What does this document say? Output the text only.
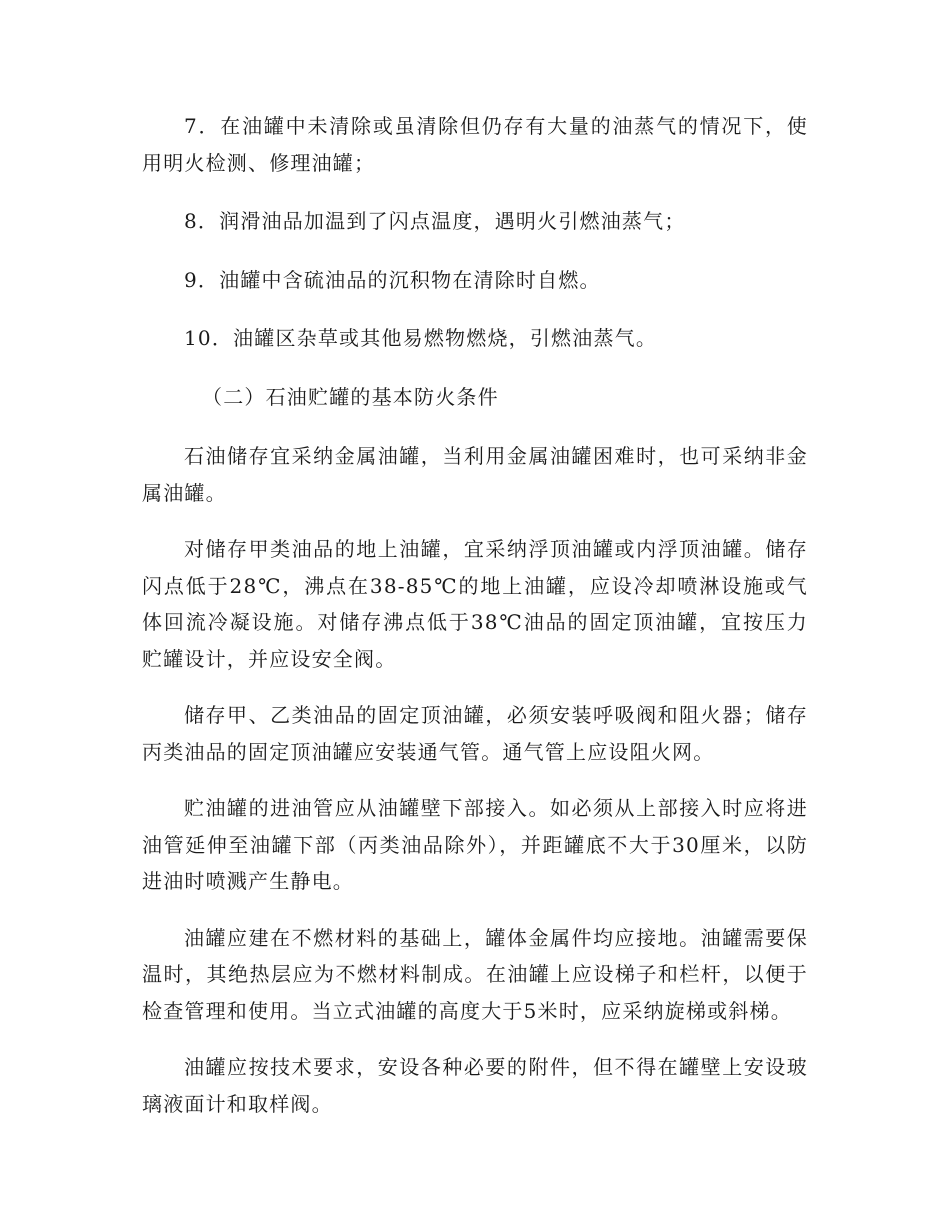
7．在油罐中未清除或虽清除但仍存有大量的油蒸气的情况下，使用明火检测、修理油罐；

8．润滑油品加温到了闪点温度，遇明火引燃油蒸气；

9．油罐中含硫油品的沉积物在清除时自燃。

10．油罐区杂草或其他易燃物燃烧，引燃油蒸气。

（二）石油贮罐的基本防火条件

石油储存宜采纳金属油罐，当利用金属油罐困难时，也可采纳非金属油罐。

对储存甲类油品的地上油罐，宜采纳浮顶油罐或内浮顶油罐。储存闪点低于28℃，沸点在38-85℃的地上油罐，应设冷却喷淋设施或气体回流冷凝设施。对储存沸点低于38℃油品的固定顶油罐，宜按压力贮罐设计，并应设安全阀。

储存甲、乙类油品的固定顶油罐，必须安装呼吸阀和阻火器；储存丙类油品的固定顶油罐应安装通气管。通气管上应设阻火网。

贮油罐的进油管应从油罐壁下部接入。如必须从上部接入时应将进油管延伸至油罐下部（丙类油品除外），并距罐底不大于30厘米，以防进油时喷溅产生静电。

油罐应建在不燃材料的基础上，罐体金属件均应接地。油罐需要保温时，其绝热层应为不燃材料制成。在油罐上应设梯子和栏杆，以便于检查管理和使用。当立式油罐的高度大于5米时，应采纳旋梯或斜梯。

油罐应按技术要求，安设各种必要的附件，但不得在罐壁上安设玻璃液面计和取样阀。
